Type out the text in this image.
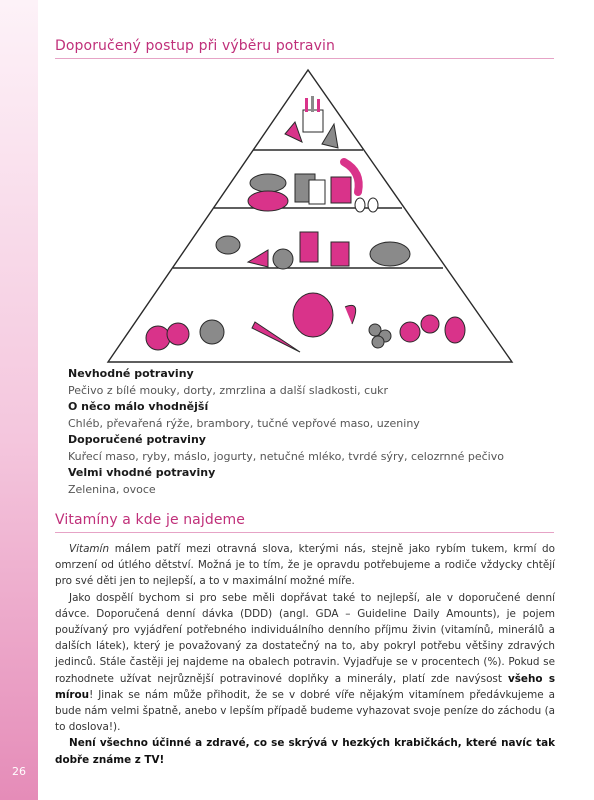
26
Doporučený postup při výběru potravin
Nevhodné potraviny
Pečivo z bílé mouky, dorty, zmrzlina a další sladkosti, cukr
O něco málo vhodnější
Chléb, převařená rýže, brambory, tučné vepřové maso, uzeniny
Doporučené potraviny
Kuřecí maso, ryby, máslo, jogurty, netučné mléko, tvrdé sýry, celozrnné pečivo
Velmi vhodné potraviny
Zelenina, ovoce
Vitamíny a kde je najdeme

Vitamín málem patří mezi otravná slova, kterými nás, stejně jako rybím tukem, krmí do omrzení od útlého dětství. Možná je to tím, že je opravdu potřebujeme a rodiče vždycky chtějí pro své děti jen to nejlepší, a to v maximální možné míře.

Jako dospělí bychom si pro sebe měli dopřávat také to nejlepší, ale v doporučené denní dávce. Doporučená denní dávka (DDD) (angl. GDA – Guideline Daily Amounts), je pojem používaný pro vyjádření potřebného individuálního denního příjmu živin (vitamínů, minerálů a dalších látek), který je považovaný za dostatečný na to, aby pokryl potřebu většiny zdravých jedinců. Stále častěji jej najdeme na obalech potravin. Vyjadřuje se v procentech (%). Pokud se rozhodnete užívat nejrůznější potravinové doplňky a minerály, platí zde navýsost všeho s mírou! Jinak se nám může přihodit, že se v dobré víře nějakým vitamínem předávkujeme a bude nám velmi špatně, anebo v lepším případě budeme vyhazovat svoje peníze do záchodu (a to doslova!).

Není všechno účinné a zdravé, co se skrývá v hezkých krabičkách, které navíc tak dobře známe z TV!
